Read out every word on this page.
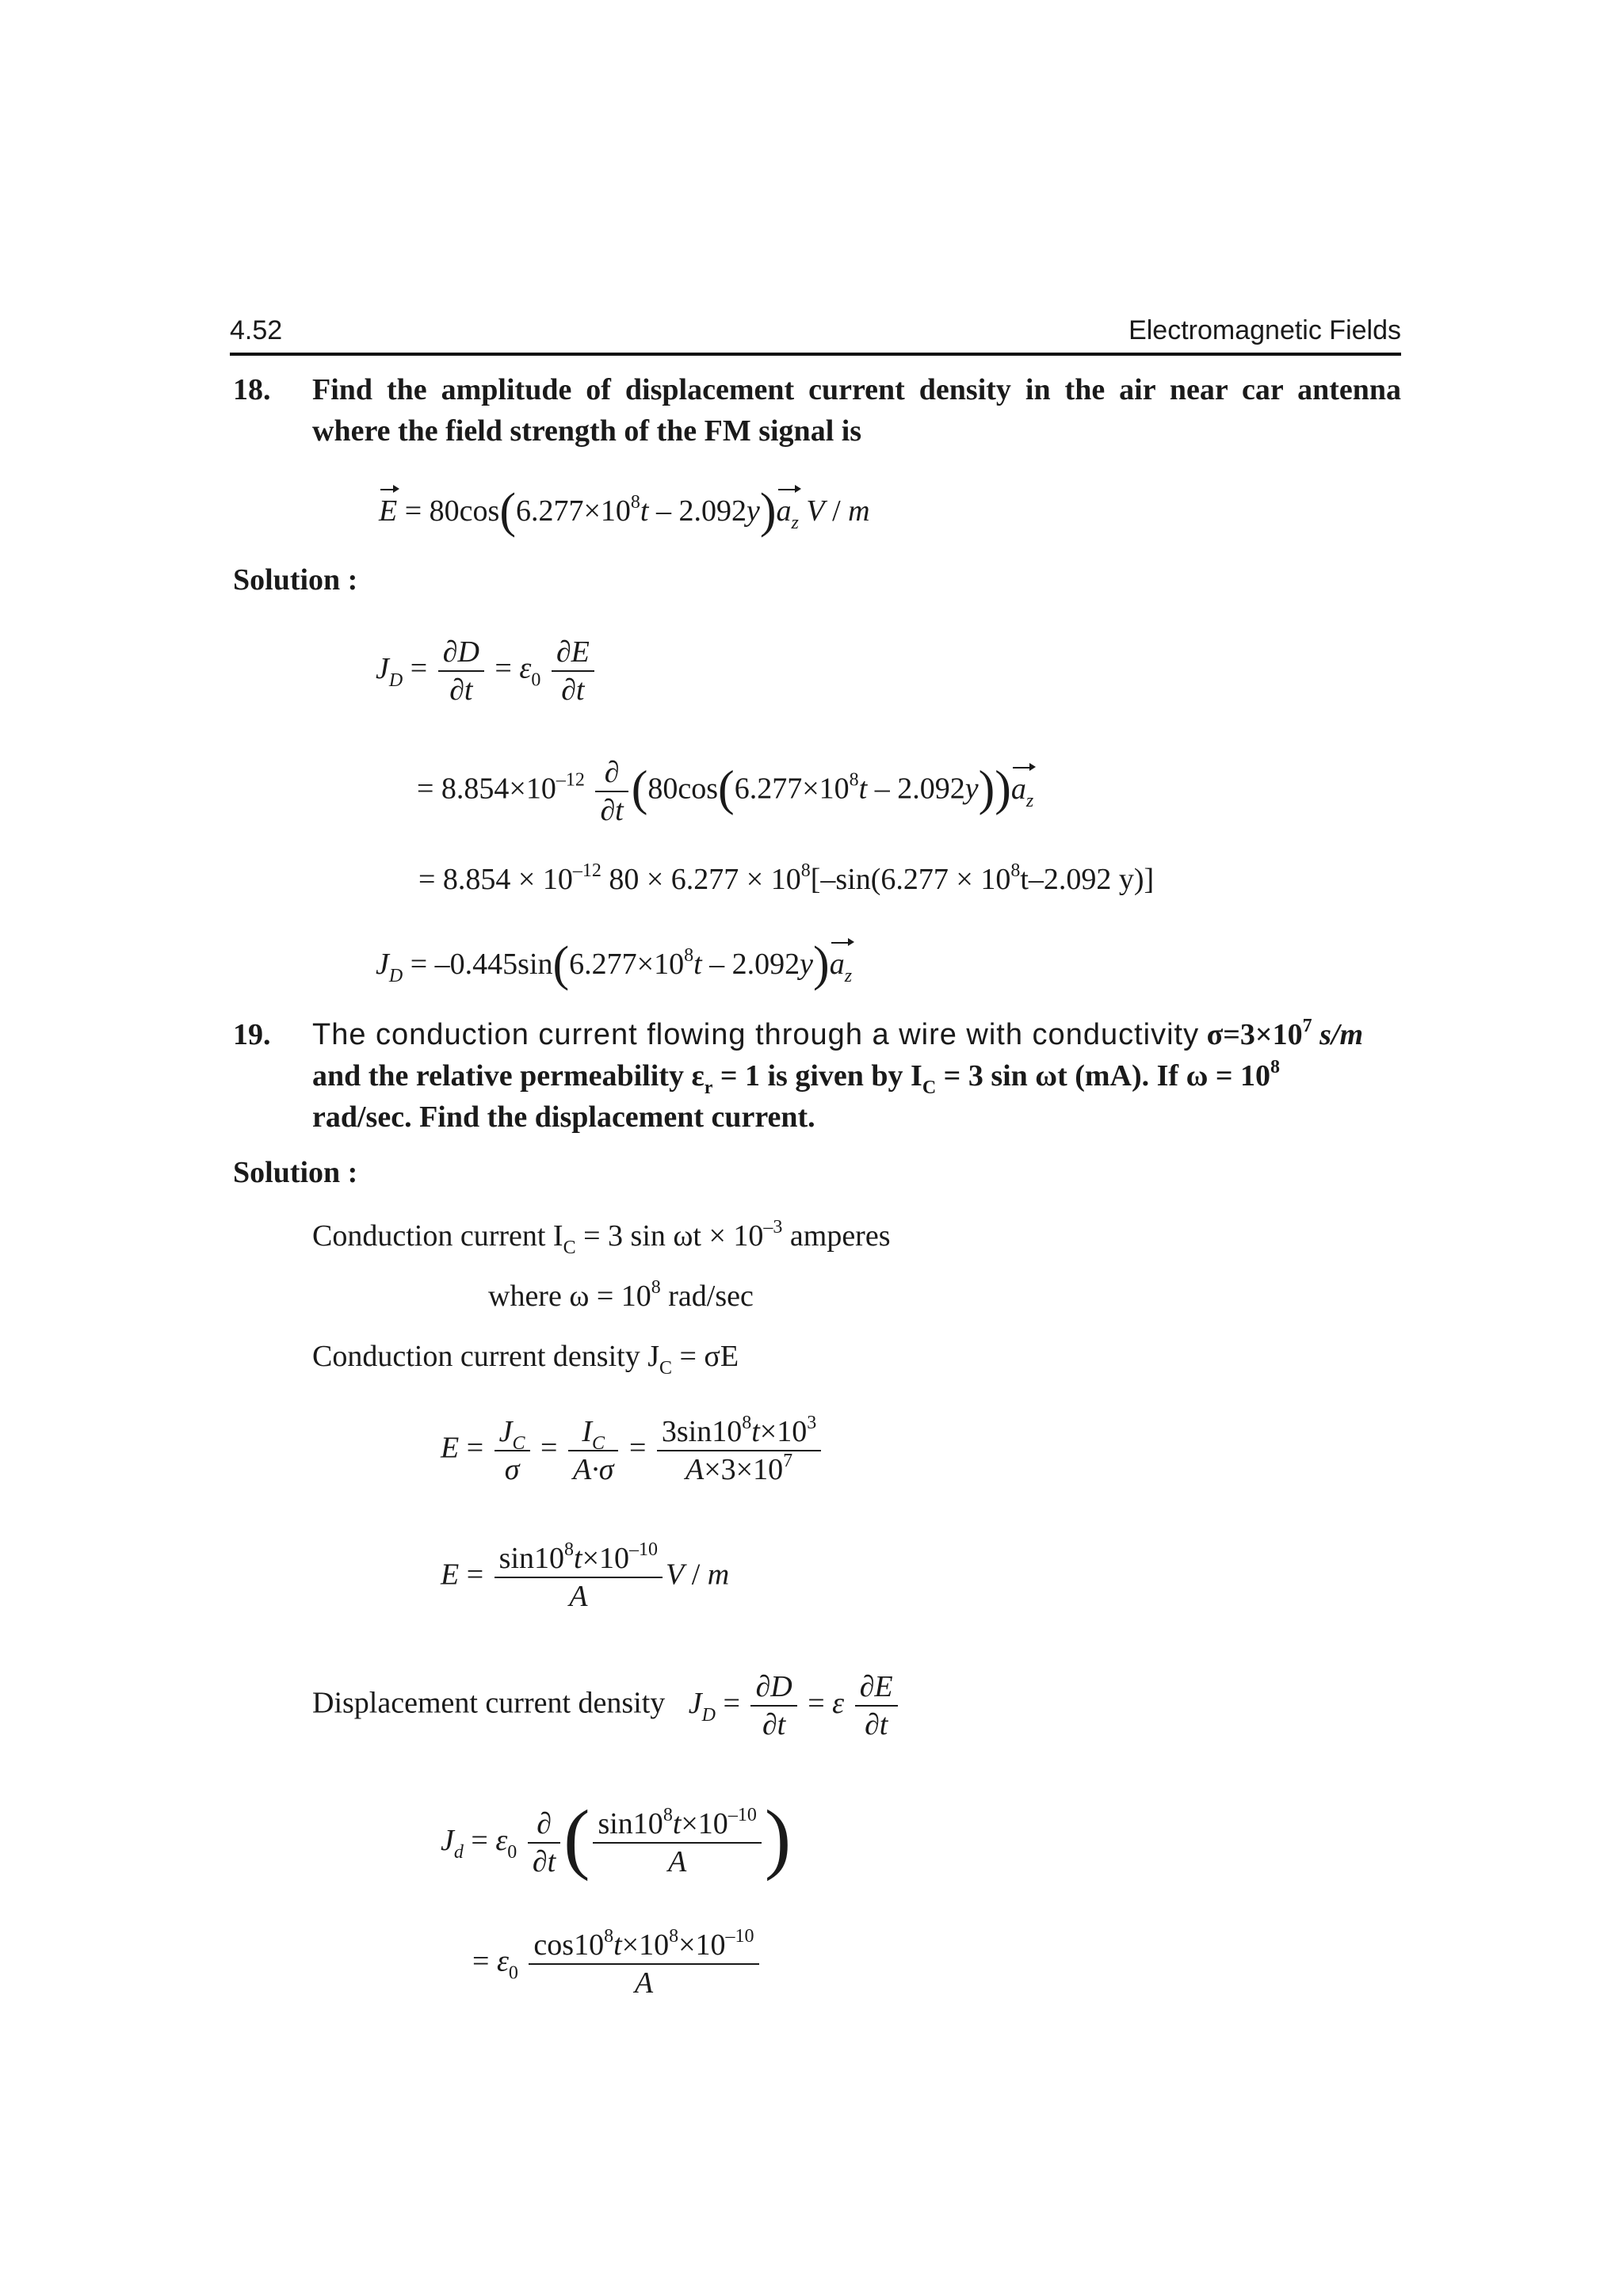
4.52	Electromagnetic Fields
18. Find the amplitude of displacement current density in the air near car antenna
where the field strength of the FM signal is
$E = 80\cos(6.277\times 10^8t - 2.092y)a_z$ V / m
Solution :
$J_D = \frac{\partial D}{\partial t} = \varepsilon_0 \frac{\partial E}{\partial t}$
= $8.854\times 10^{-12} \frac{\partial}{\partial t} (80\cos(6.277\times 10^8t - 2.092y))a_z$
= $8.854 \times 10^{-12}$ $80 \times 6.277 \times 10^8[-\sin(6.277 \times 10^8t-2.092$ y)]
$J_D = -0.445\sin(6.277\times 10^8t - 2.092y)a_z$
19. The conduction current flowing through a wire with conductivity $\sigma=3\times 10^7$ s/m
and the relative permeability $\varepsilon_r = 1$ is given by $I_C = 3$ sin ωt (mA). If $\omega = 10^8$
rad/sec. Find the displacement current.
Solution :
Conduction current $I_C = 3$ $\sin \omega t \times 10^{-3}$ amperes
where $\omega = 10^8$ rad/sec
Conduction current density $J_C = \sigma E$
$E = \frac{J_C}{\sigma} = \frac{I_C}{A\cdot\sigma} = \frac{3\sin 10^8t\times 10^3}{A\times 3\times 10^7}$
$E = \frac{\sin 10^8t\times 10^{-10}}{A}$ V / m
Displacement current density $J_D = \frac{\partial D}{\partial t} = \varepsilon \frac{\partial E}{\partial t}$
$J_d = \varepsilon_0 \frac{\partial}{\partial t}$ ( $\frac{\sin 10^8t\times 10^{-10}}{A}$ )
= $\varepsilon_0 \frac{\cos 10^8t\times 10^8\times 10^{-10}}{A}$
